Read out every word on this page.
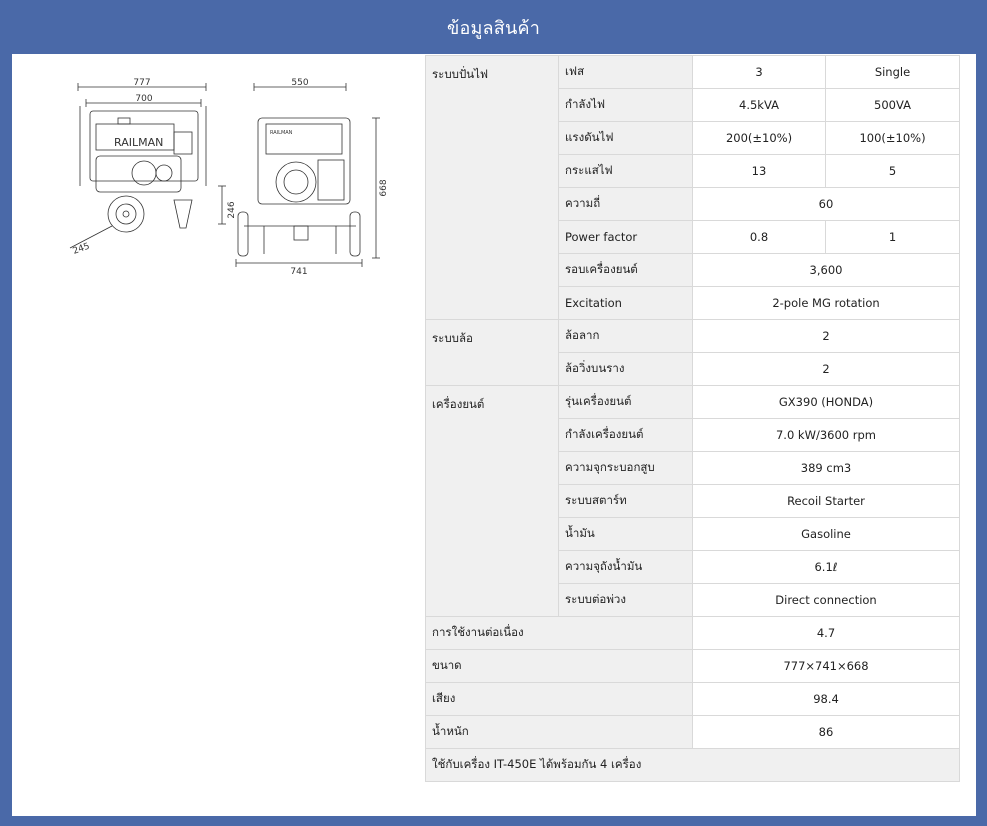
ข้อมูลสินค้า
777
700
RAILMAN
246
245
550
RAILMAN
668
741
ระบบปั่นไฟ	เฟส	3	Single
	กำลังไฟ	4.5kVA	500VA
	แรงดันไฟ	200(±10%)	100(±10%)
	กระแสไฟ	13	5
	ความถี่	60	
	Power factor	0.8	1
	รอบเครื่องยนต์	3,600	
	Excitation	2-pole MG rotation	
ระบบล้อ	ล้อลาก	2	
	ล้อวิ่งบนราง	2	
เครื่องยนต์	รุ่นเครื่องยนต์	GX390 (HONDA)	
	กำลังเครื่องยนต์	7.0 kW/3600 rpm	
	ความจุกระบอกสูบ	389 cm3	
	ระบบสตาร์ท	Recoil Starter	
	น้ำมัน	Gasoline	
	ความจุถังน้ำมัน	6.1ℓ	
	ระบบต่อพ่วง	Direct connection	
การใช้งานต่อเนื่อง		4.7	
ขนาด		777×741×668	
เสียง		98.4	
น้ำหนัก		86	
ใช้กับเครื่อง IT-450E ได้พร้อมกัน 4 เครื่อง			
